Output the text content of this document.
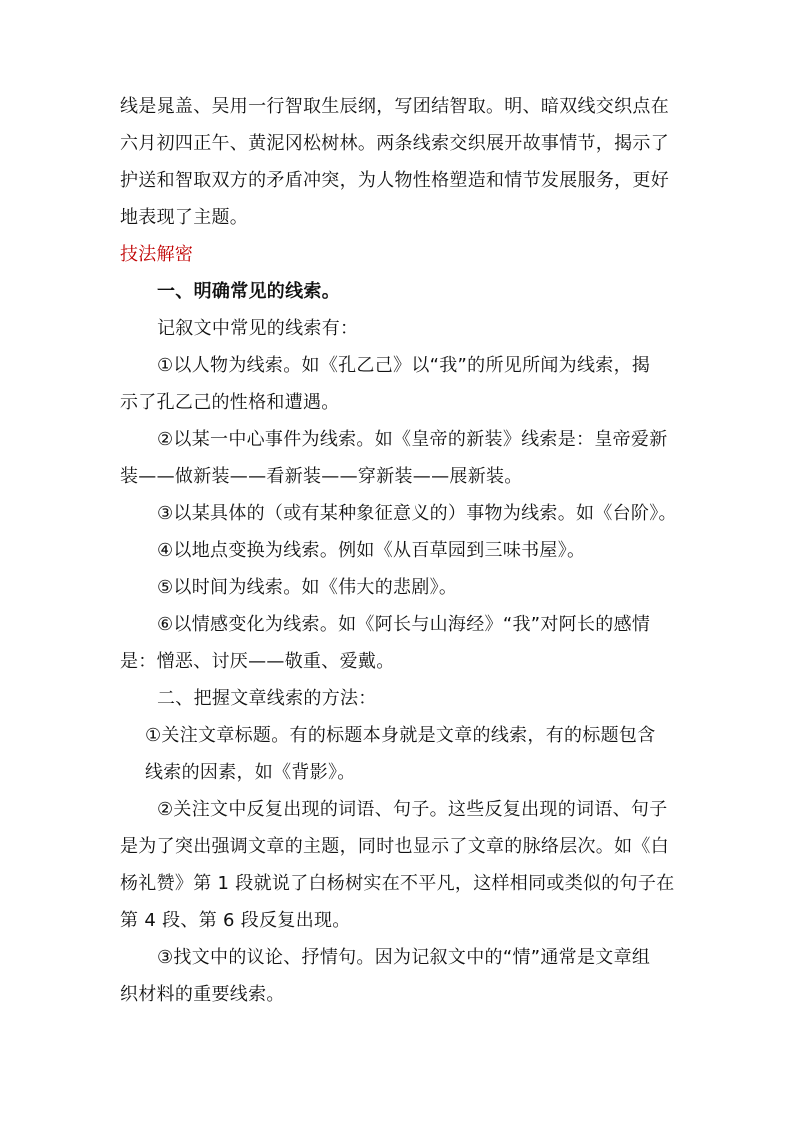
线是晁盖、吴用一行智取生辰纲，写团结智取。明、暗双线交织点在
六月初四正午、黄泥冈松树林。两条线索交织展开故事情节，揭示了
护送和智取双方的矛盾冲突，为人物性格塑造和情节发展服务，更好
地表现了主题。
技法解密
一、明确常见的线索。
记叙文中常见的线索有：
①以人物为线索。如《孔乙己》以“我”的所见所闻为线索，揭
示了孔乙己的性格和遭遇。
②以某一中心事件为线索。如《皇帝的新装》线索是：皇帝爱新
装——做新装——看新装——穿新装——展新装。
③以某具体的（或有某种象征意义的）事物为线索。如《台阶》。
④以地点变换为线索。例如《从百草园到三味书屋》。
⑤以时间为线索。如《伟大的悲剧》。
⑥以情感变化为线索。如《阿长与山海经》“我”对阿长的感情
是：憎恶、讨厌——敬重、爱戴。
二、把握文章线索的方法：
①关注文章标题。有的标题本身就是文章的线索，有的标题包含
线索的因素，如《背影》。
②关注文中反复出现的词语、句子。这些反复出现的词语、句子
是为了突出强调文章的主题，同时也显示了文章的脉络层次。如《白
杨礼赞》第 1 段就说了白杨树实在不平凡，这样相同或类似的句子在
第 4 段、第 6 段反复出现。
③找文中的议论、抒情句。因为记叙文中的“情”通常是文章组
织材料的重要线索。
